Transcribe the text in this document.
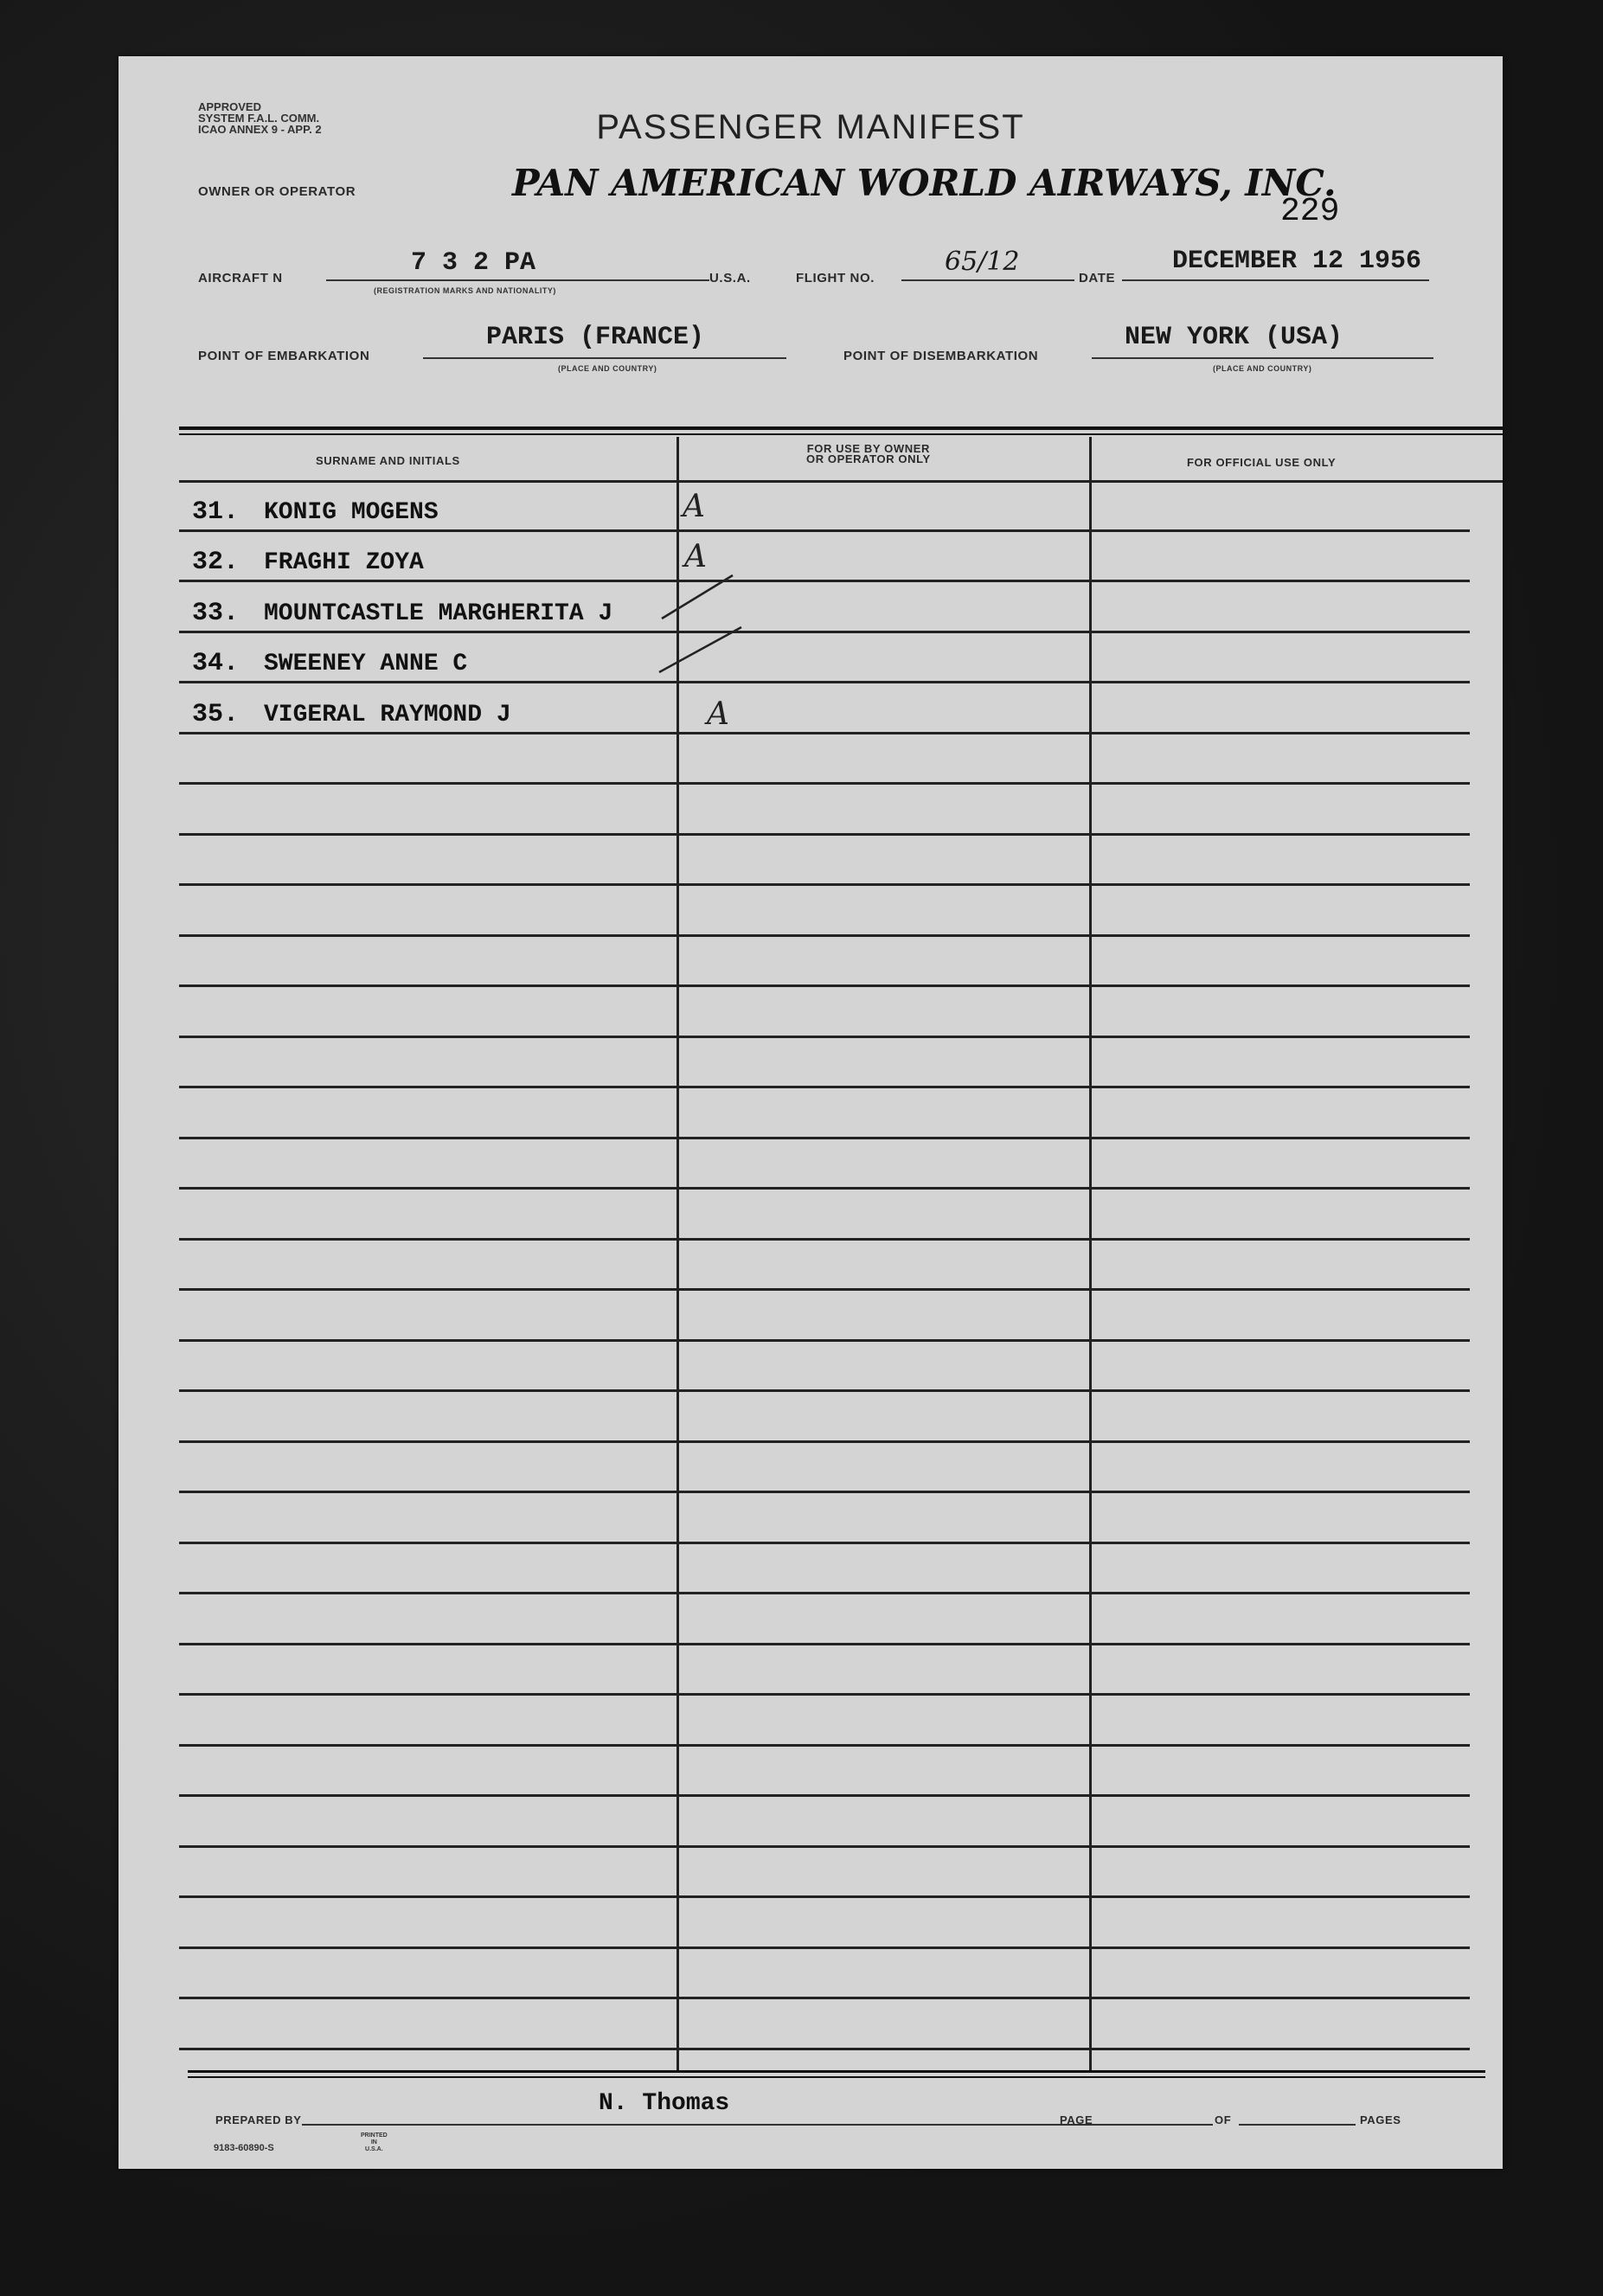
APPROVED
SYSTEM F.A.L. COMM.
ICAO ANNEX 9 - APP. 2	PASSENGER MANIFEST
OWNER OR OPERATOR	PAN AMERICAN WORLD AIRWAYS, INC.
229
AIRCRAFT N
7 3 2 PA
(REGISTRATION MARKS AND NATIONALITY)
U.S.A.	FLIGHT NO.
65/12
DATE
DECEMBER 12 1956
POINT OF EMBARKATION
PARIS (FRANCE)
(PLACE AND COUNTRY)
POINT OF DISEMBARKATION
NEW YORK (USA)
(PLACE AND COUNTRY)
SURNAME AND INITIALS
FOR USE BY OWNER
OR OPERATOR ONLY	FOR OFFICIAL USE ONLY
31. KONIG MOGENS	A
32. FRAGHI ZOYA	A
33. MOUNTCASTLE MARGHERITA J
34. SWEENEY ANNE C
35. VIGERAL RAYMOND J	A
PREPARED BY
N. Thomas
PAGE	OF	PAGES
9183-60890-S
PRINTED
IN
U.S.A.
